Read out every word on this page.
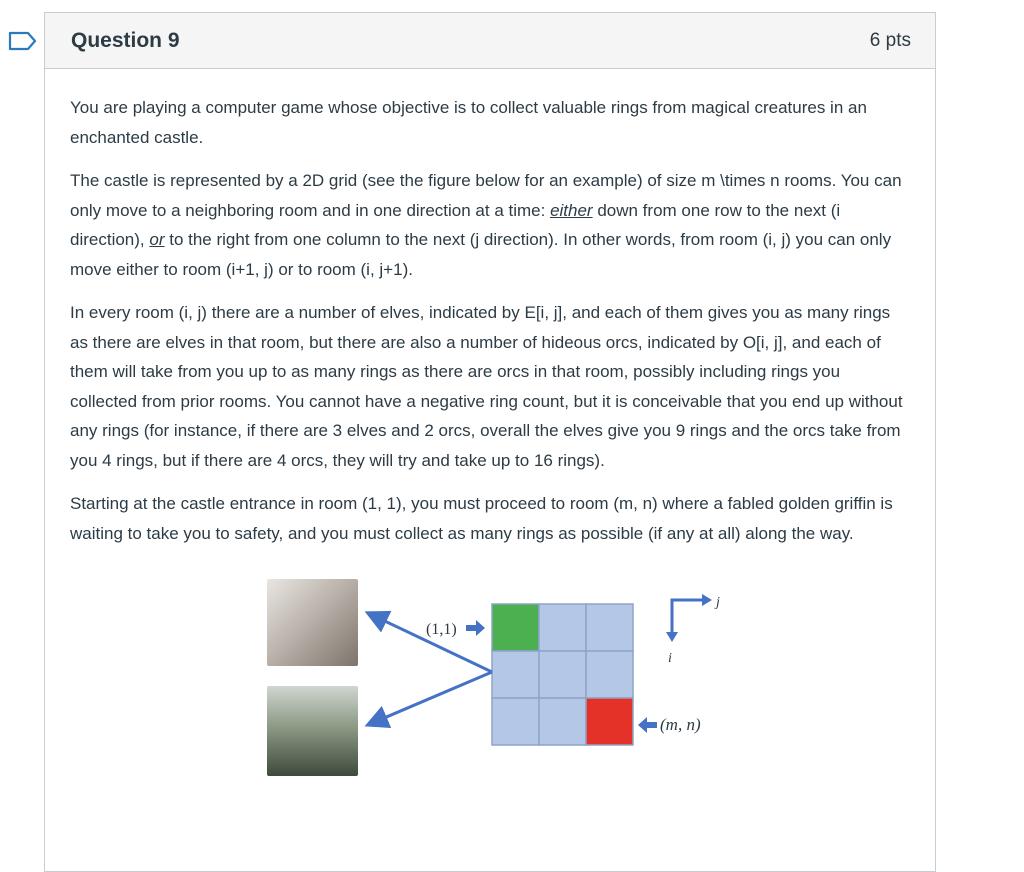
Question 9	6 pts

You are playing a computer game whose objective is to collect valuable rings from magical creatures in an enchanted castle.

The castle is represented by a 2D grid (see the figure below for an example) of size m \times n rooms. You can only move to a neighboring room and in one direction at a time: either down from one row to the next (i direction), or to the right from one column to the next (j direction). In other words, from room (i, j) you can only move either to room (i+1, j) or to room (i, j+1).

In every room (i, j) there are a number of elves, indicated by E[i, j], and each of them gives you as many rings as there are elves in that room, but there are also a number of hideous orcs, indicated by O[i, j], and each of them will take from you up to as many rings as there are orcs in that room, possibly including rings you collected from prior rooms. You cannot have a negative ring count, but it is conceivable that you end up without any rings (for instance, if there are 3 elves and 2 orcs, overall the elves give you 9 rings and the orcs take from you 4 rings, but if there are 4 orcs, they will try and take up to 16 rings).

Starting at the castle entrance in room (1, 1), you must proceed to room (m, n) where a fabled golden griffin is waiting to take you to safety, and you must collect as many rings as possible (if any at all) along the way.

(1,1)
(m, n)
j
i
